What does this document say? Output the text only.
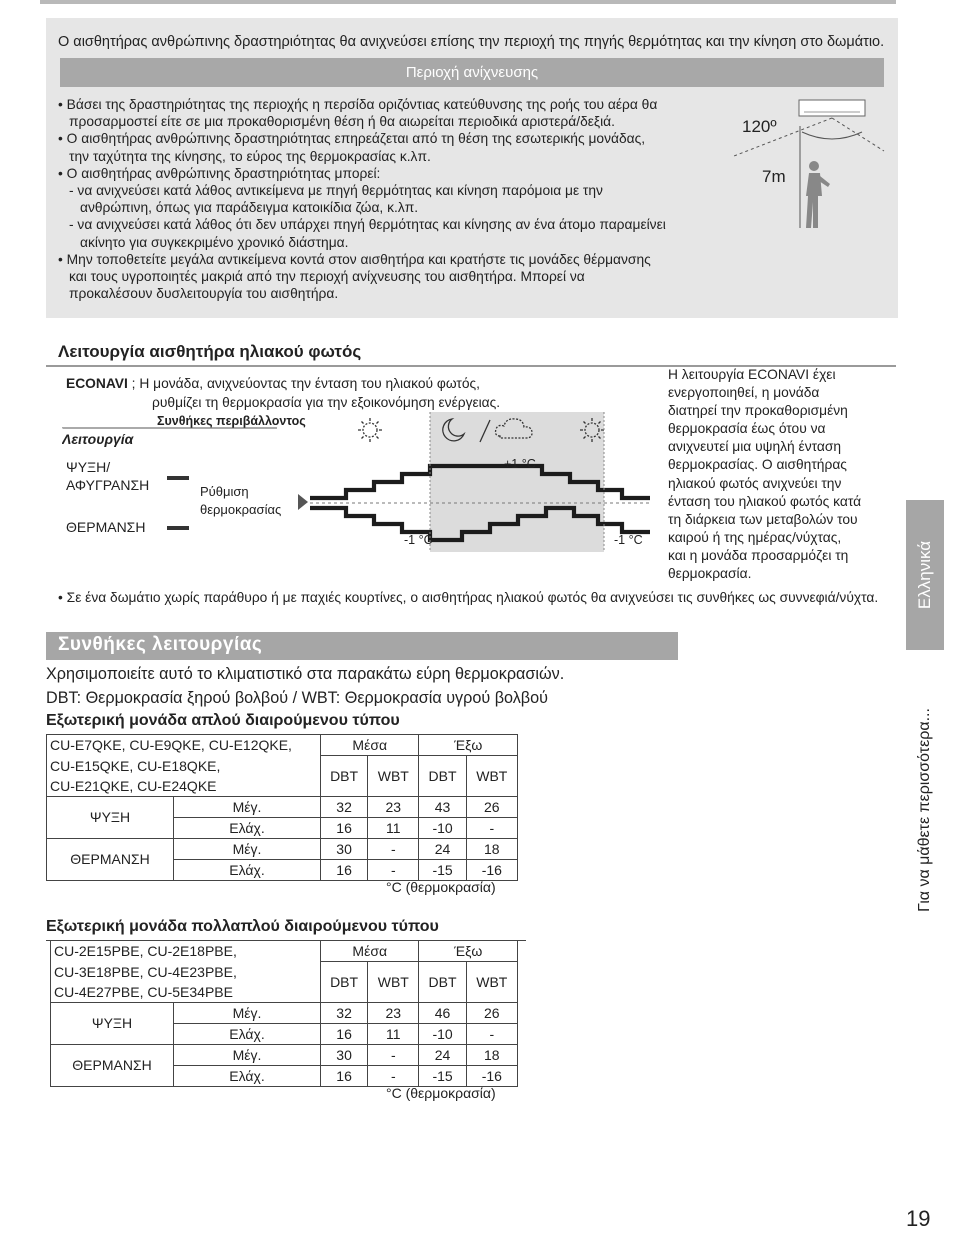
Ο αισθητήρας ανθρώπινης δραστηριότητας θα ανιχνεύσει επίσης την περιοχή της πηγής θερμότητας και την κίνηση στο δωμάτιο.
Περιοχή ανίχνευσης
• Βάσει της δραστηριότητας της περιοχής η περσίδα οριζόντιας κατεύθυνσης της ροής του αέρα θα
προσαρμοστεί είτε σε μια προκαθορισμένη θέση ή θα αιωρείται περιοδικά αριστερά/δεξιά.
• Ο αισθητήρας ανθρώπινης δραστηριότητας επηρεάζεται από τη θέση της εσωτερικής μονάδας,
την ταχύτητα της κίνησης, το εύρος της θερμοκρασίας κ.λπ.
• Ο αισθητήρας ανθρώπινης δραστηριότητας μπορεί:
- να ανιχνεύσει κατά λάθος αντικείμενα με πηγή θερμότητας και κίνηση παρόμοια με την
ανθρώπινη, όπως για παράδειγμα κατοικίδια ζώα, κ.λπ.
- να ανιχνεύσει κατά λάθος ότι δεν υπάρχει πηγή θερμότητας και κίνησης αν ένα άτομο παραμείνει
ακίνητο για συγκεκριμένο χρονικό διάστημα.
• Μην τοποθετείτε μεγάλα αντικείμενα κοντά στον αισθητήρα και κρατήστε τις μονάδες θέρμανσης
και τους υγροποιητές μακριά από την περιοχή ανίχνευσης του αισθητήρα. Μπορεί να
προκαλέσουν δυσλειτουργία του αισθητήρα.
120º
7m
Λειτουργία αισθητήρα ηλιακού φωτός
ECONAVI ; Η μονάδα, ανιχνεύοντας την ένταση του ηλιακού φωτός,
ρυθμίζει τη θερμοκρασία για την εξοικονόμηση ενέργειας.
Λειτουργία
Συνθήκες περιβάλλοντος
ΨΥΞΗ/
ΑΦΥΓΡΑΝΣΗ
ΘΕΡΜΑΝΣΗ
Ρύθμιση
θερμοκρασίας
+1 °C
-1 °C	-1 °C
Η λειτουργία ECONAVI έχει
ενεργοποιηθεί, η μονάδα
διατηρεί την προκαθορισμένη
θερμοκρασία έως ότου να
ανιχνευτεί μια υψηλή ένταση
θερμοκρασίας. Ο αισθητήρας
ηλιακού φωτός ανιχνεύει την
ένταση του ηλιακού φωτός κατά
τη διάρκεια των μεταβολών του
καιρού ή της ημέρας/νύχτας,
και η μονάδα προσαρμόζει τη
θερμοκρασία.
• Σε ένα δωμάτιο χωρίς παράθυρο ή με παχιές κουρτίνες, ο αισθητήρας ηλιακού φωτός θα ανιχνεύσει τις συνθήκες ως συννεφιά/νύχτα.
Συνθήκες λειτουργίας
Χρησιμοποιείτε αυτό το κλιματιστικό στα παρακάτω εύρη θερμοκρασιών.
DBT: Θερμοκρασία ξηρού βολβού / WBT: Θερμοκρασία υγρού βολβού
Εξωτερική μονάδα απλού διαιρούμενου τύπου
CU-E7QKE, CU-E9QKE, CU-E12QKE,		Μέσα		Έξω	
CU-E15QKE, CU-E18QKE,		DBT	WBT	DBT	WBT
CU-E21QKE, CU-E24QKE					
ΨΥΞΗ	Μέγ.	32	23	43	26
	Ελάχ.	16	11	-10	-
ΘΕΡΜΑΝΣΗ	Μέγ.	30	-	24	18
	Ελάχ.	16	-	-15	-16
°C (θερμοκρασία)
Εξωτερική μονάδα πολλαπλού διαιρούμενου τύπου
CU-2E15PBE, CU-2E18PBE,		Μέσα		Έξω	
CU-3E18PBE, CU-4E23PBE,		DBT	WBT	DBT	WBT
CU-4E27PBE, CU-5E34PBE					
ΨΥΞΗ	Μέγ.	32	23	46	26
	Ελάχ.	16	11	-10	-
ΘΕΡΜΑΝΣΗ	Μέγ.	30	-	24	18
	Ελάχ.	16	-	-15	-16
°C (θερμοκρασία)
Ελληνικά
Για να μάθετε περισσότερα...
19
